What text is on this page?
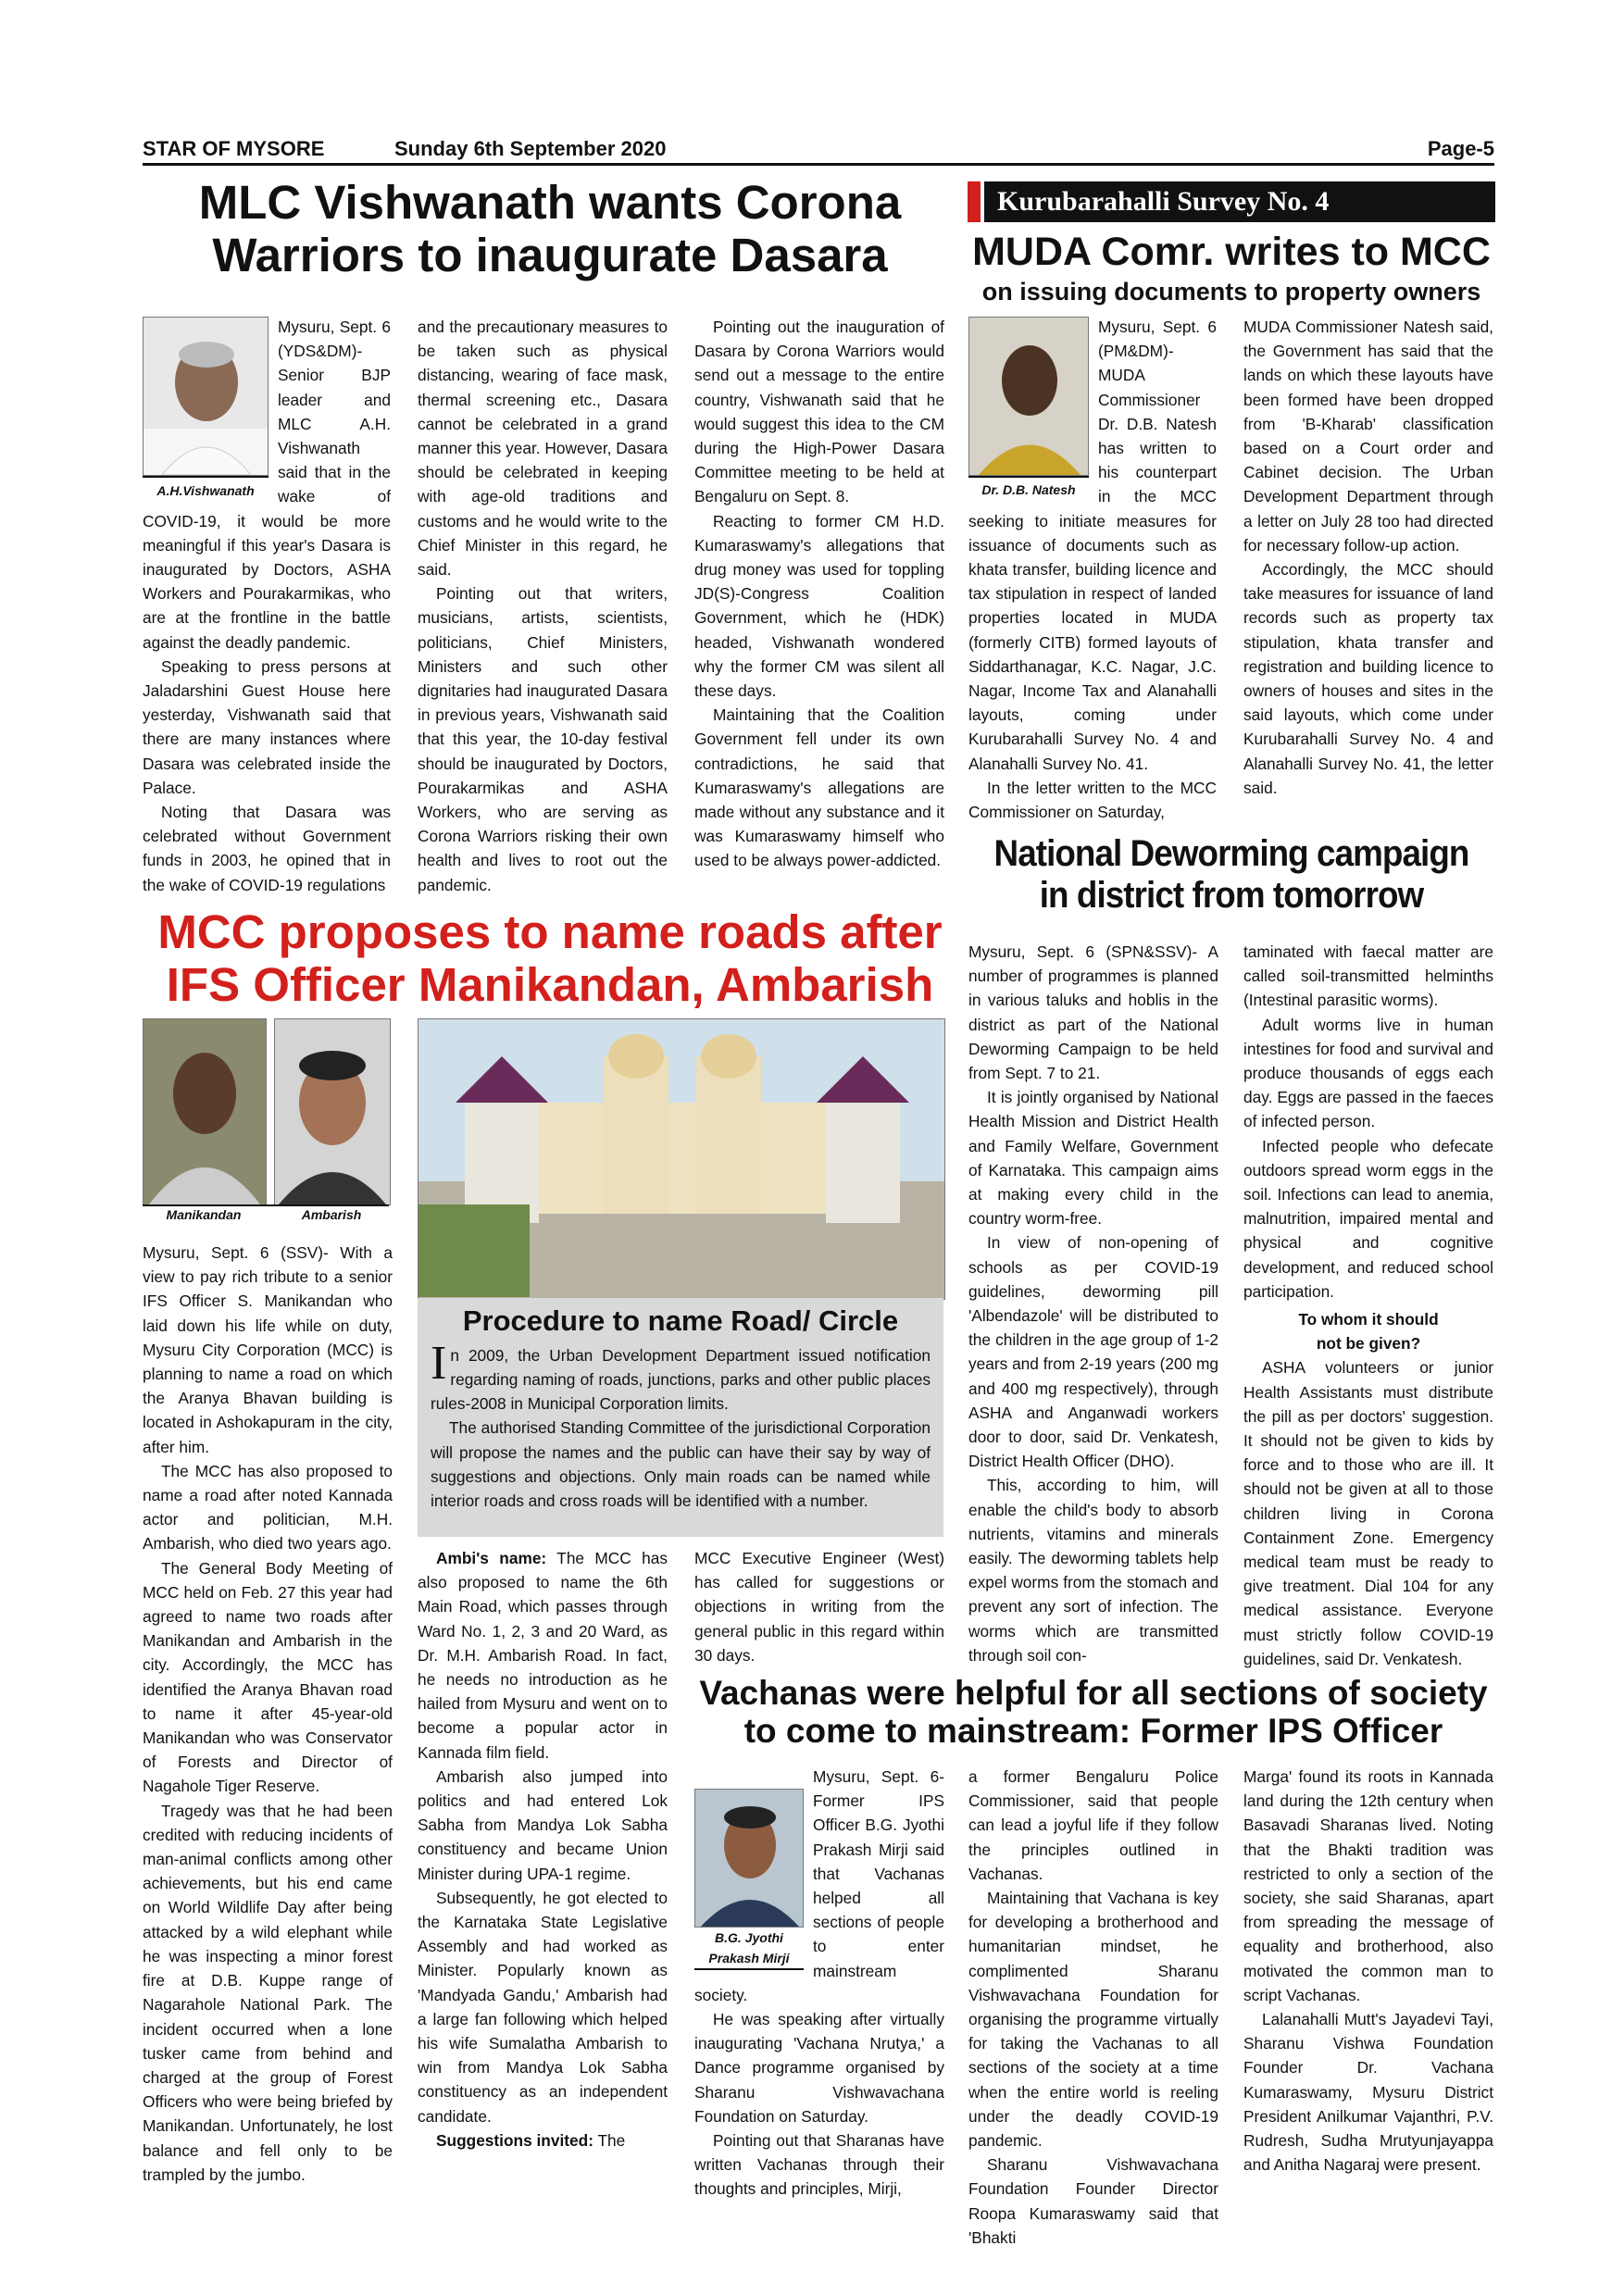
STAR OF MYSORE	Sunday 6th September 2020	Page-5
MLC Vishwanath wants Corona
Warriors to inaugurate Dasara
A.H.Vishwanath

Mysuru, Sept. 6 (YDS&DM)- Senior BJP leader and MLC A.H. Vishwanath said that in the wake of COVID-19, it would be more meaningful if this year's Dasara is inaugurated by Doctors, ASHA Workers and Pourakarmikas, who are at the frontline in the battle against the deadly pandemic.

Speaking to press persons at Jaladarshini Guest House here yesterday, Vishwanath said that there are many instances where Dasara was celebrated inside the Palace.

Noting that Dasara was celebrated without Government funds in 2003, he opined that in the wake of COVID-19 regulations

and the precautionary measures to be taken such as physical distancing, wearing of face mask, thermal screening etc., Dasara cannot be celebrated in a grand manner this year. However, Dasara should be celebrated in keeping with age-old traditions and customs and he would write to the Chief Minister in this regard, he said.

Pointing out that writers, musicians, artists, scientists, politicians, Chief Ministers, Ministers and such other dignitaries had inaugurated Dasara in previous years, Vishwanath said that this year, the 10-day festival should be inaugurated by Doctors, Pourakarmikas and ASHA Workers, who are serving as Corona Warriors risking their own health and lives to root out the pandemic.

Pointing out the inauguration of Dasara by Corona Warriors would send out a message to the entire country, Vishwanath said that he would suggest this idea to the CM during the High-Power Dasara Committee meeting to be held at Bengaluru on Sept. 8.

Reacting to former CM H.D. Kumaraswamy's allegations that drug money was used for toppling JD(S)-Congress Coalition Government, which he (HDK) headed, Vishwanath wondered why the former CM was silent all these days.

Maintaining that the Coalition Government fell under its own contradictions, he said that Kumaraswamy's allegations are made without any substance and it was Kumaraswamy himself who used to be always power-addicted.

Kurubarahalli Survey No. 4
MUDA Comr. writes to MCC
on issuing documents to property owners
Dr. D.B. Natesh

Mysuru, Sept. 6 (PM&DM)- MUDA Commissioner Dr. D.B. Natesh has written to his counterpart in the MCC seeking to initiate measures for issuance of documents such as khata transfer, building licence and tax stipulation in respect of landed properties located in MUDA (formerly CITB) formed layouts of Siddarthanagar, K.C. Nagar, J.C. Nagar, Income Tax and Alanahalli layouts, coming under Kurubarahalli Survey No. 4 and Alanahalli Survey No. 41.

In the letter written to the MCC Commissioner on Saturday,

MUDA Commissioner Natesh said, the Government has said that the lands on which these layouts have been formed have been dropped from 'B-Kharab' classification based on a Court order and Cabinet decision. The Urban Development Department through a letter on July 28 too had directed for necessary follow-up action.

Accordingly, the MCC should take measures for issuance of land records such as property tax stipulation, khata transfer and registration and building licence to owners of houses and sites in the said layouts, which come under Kurubarahalli Survey No. 4 and Alanahalli Survey No. 41, the letter said.

MCC proposes to name roads after
IFS Officer Manikandan, Ambarish
Manikandan	Ambarish

Mysuru, Sept. 6 (SSV)- With a view to pay rich tribute to a senior IFS Officer S. Manikandan who laid down his life while on duty, Mysuru City Corporation (MCC) is planning to name a road on which the Aranya Bhavan building is located in Ashokapuram in the city, after him.

The MCC has also proposed to name a road after noted Kannada actor and politician, M.H. Ambarish, who died two years ago.

The General Body Meeting of MCC held on Feb. 27 this year had agreed to name two roads after Manikandan and Ambarish in the city. Accordingly, the MCC has identified the Aranya Bhavan road to name it after 45-year-old Manikandan who was Conservator of Forests and Director of Nagahole Tiger Reserve.

Tragedy was that he had been credited with reducing incidents of man-animal conflicts among other achievements, but his end came on World Wildlife Day after being attacked by a wild elephant while he was inspecting a minor forest fire at D.B. Kuppe range of Nagarahole National Park. The incident occurred when a lone tusker came from behind and charged at the group of Forest Officers who were being briefed by Manikandan. Unfortunately, he lost balance and fell only to be trampled by the jumbo.

Procedure to name Road/ Circle

In 2009, the Urban Development Department issued notification regarding naming of roads, junctions, parks and other public places rules-2008 in Municipal Corporation limits.

The authorised Standing Committee of the jurisdictional Corporation will propose the names and the public can have their say by way of suggestions and objections. Only main roads can be named while interior roads and cross roads will be identified with a number.

Ambi's name: The MCC has also proposed to name the 6th Main Road, which passes through Ward No. 1, 2, 3 and 20 Ward, as Dr. M.H. Ambarish Road. In fact, he needs no introduction as he hailed from Mysuru and went on to become a popular actor in Kannada film field.

Ambarish also jumped into politics and had entered Lok Sabha from Mandya Lok Sabha constituency and became Union Minister during UPA-1 regime.

Subsequently, he got elected to the Karnataka State Legislative Assembly and had worked as Minister. Popularly known as 'Mandyada Gandu,' Ambarish had a large fan following which helped his wife Sumalatha Ambarish to win from Mandya Lok Sabha constituency as an independent candidate.

Suggestions invited: The

MCC Executive Engineer (West) has called for suggestions or objections in writing from the general public in this regard within 30 days.

National Deworming campaign
in district from tomorrow

Mysuru, Sept. 6 (SPN&SSV)- A number of programmes is planned in various taluks and hoblis in the district as part of the National Deworming Campaign to be held from Sept. 7 to 21.

It is jointly organised by National Health Mission and District Health and Family Welfare, Government of Karnataka. This campaign aims at making every child in the country worm-free.

In view of non-opening of schools as per COVID-19 guidelines, deworming pill 'Albendazole' will be distributed to the children in the age group of 1-2 years and from 2-19 years (200 mg and 400 mg respectively), through ASHA and Anganwadi workers door to door, said Dr. Venkatesh, District Health Officer (DHO).

This, according to him, will enable the child's body to absorb nutrients, vitamins and minerals easily. The deworming tablets help expel worms from the stomach and prevent any sort of infection. The worms which are transmitted through soil con-

taminated with faecal matter are called soil-transmitted helminths (Intestinal parasitic worms).

Adult worms live in human intestines for food and survival and produce thousands of eggs each day. Eggs are passed in the faeces of infected person.

Infected people who defecate outdoors spread worm eggs in the soil. Infections can lead to anemia, malnutrition, impaired mental and physical and cognitive development, and reduced school participation.

To whom it should
not be given?

ASHA volunteers or junior Health Assistants must distribute the pill as per doctors' suggestion. It should not be given to kids by force and to those who are ill. It should not be given at all to those children living in Corona Containment Zone. Emergency medical team must be ready to give treatment. Dial 104 for any medical assistance. Everyone must strictly follow COVID-19 guidelines, said Dr. Venkatesh.

Vachanas were helpful for all sections of society
to come to mainstream: Former IPS Officer
B.G. Jyothi
Prakash Mirji

Mysuru, Sept. 6- Former IPS Officer B.G. Jyothi Prakash Mirji said that Vachanas helped all sections of people to enter mainstream society.

He was speaking after virtually inaugurating 'Vachana Nrutya,' a Dance programme organised by Sharanu Vishwavachana Foundation on Saturday.

Pointing out that Sharanas have written Vachanas through their thoughts and principles, Mirji,

a former Bengaluru Police Commissioner, said that people can lead a joyful life if they follow the principles outlined in Vachanas.

Maintaining that Vachana is key for developing a brotherhood and humanitarian mindset, he complimented Sharanu Vishwavachana Foundation for organising the programme virtually for taking the Vachanas to all sections of the society at a time when the entire world is reeling under the deadly COVID-19 pandemic.

Sharanu Vishwavachana Foundation Founder Director Roopa Kumaraswamy said that 'Bhakti

Marga' found its roots in Kannada land during the 12th century when Basavadi Sharanas lived. Noting that the Bhakti tradition was restricted to only a section of the society, she said Sharanas, apart from spreading the message of equality and brotherhood, also motivated the common man to script Vachanas.

Lalanahalli Mutt's Jayadevi Tayi, Sharanu Vishwa Foundation Founder Dr. Vachana Kumaraswamy, Mysuru District President Anilkumar Vajanthri, P.V. Rudresh, Sudha Mrutyunjayappa and Anitha Nagaraj were present.
